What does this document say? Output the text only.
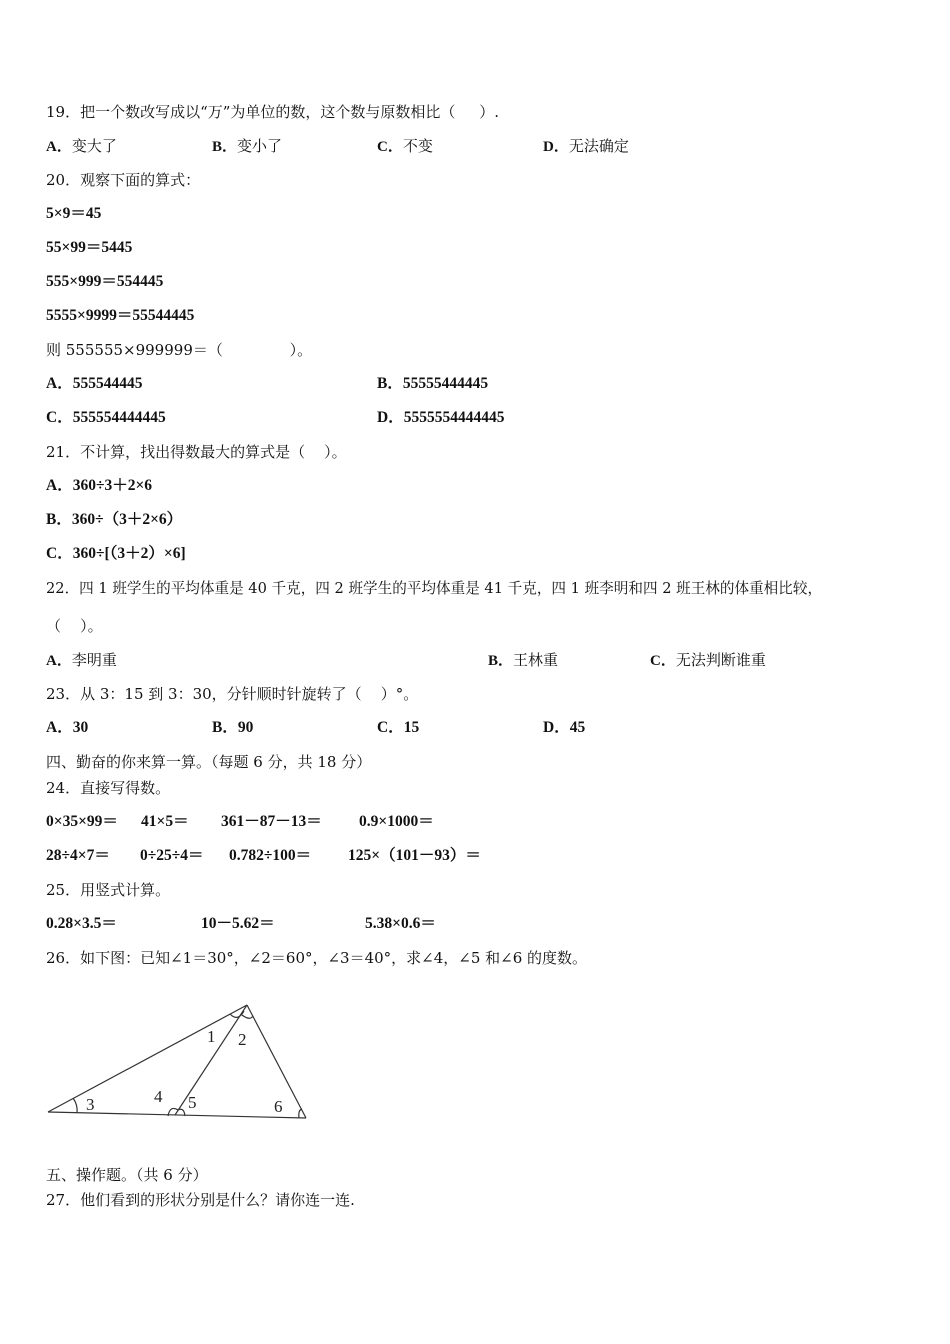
19．把一个数改写成以“万”为单位的数，这个数与原数相比（     ）.
A．变大了	B．变小了	C．不变	D．无法确定
20．观察下面的算式：
5×9＝45
55×99＝5445
555×999＝554445
5555×9999＝55544445
则 555555×999999＝（              ）。
A．555544445	B．55555444445
C．555554444445	D．5555554444445
21．不计算，找出得数最大的算式是（    ）。
A．360÷3＋2×6
B．360÷（3＋2×6）
C．360÷[（3＋2）×6]
22．四 1 班学生的平均体重是 40 千克，四 2 班学生的平均体重是 41 千克，四 1 班李明和四 2 班王林的体重相比较，
（    ）。
A．李明重	B．王林重	C．无法判断谁重
23．从 3：15 到 3：30，分针顺时针旋转了（    ）°。
A．30	B．90	C．15	D．45
四、勤奋的你来算一算。（每题 6 分，共 18 分）
24．直接写得数。
0×35×99＝ 41×5＝ 361－87－13＝ 0.9×1000＝
28÷4×7＝ 0÷25÷4＝ 0.782÷100＝ 125×（101－93）＝
25．用竖式计算。
0.28×3.5＝	10－5.62＝	5.38×0.6＝
26．如下图：已知∠1＝30°，∠2＝60°，∠3＝40°，求∠4，∠5 和∠6 的度数。
1 2
3	4 5	6
五、操作题。（共 6 分）
27．他们看到的形状分别是什么？请你连一连.
